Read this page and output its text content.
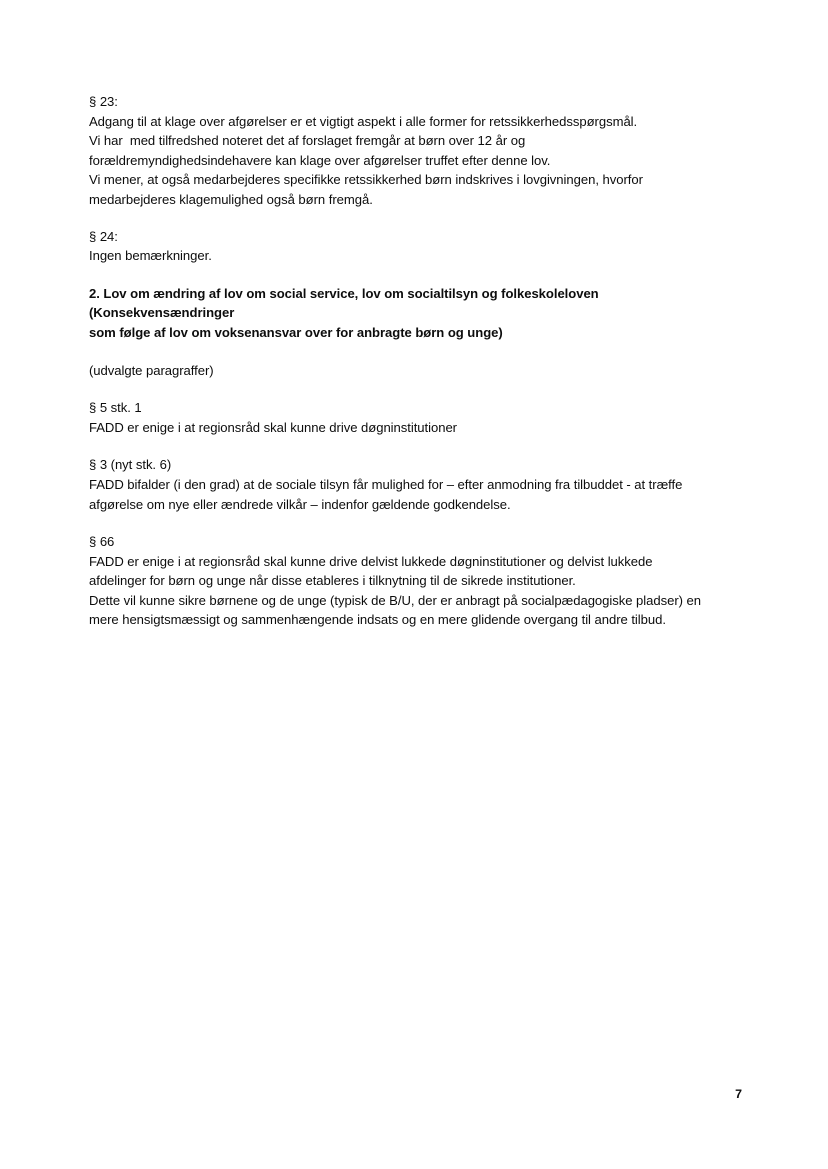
§ 23:
Adgang til at klage over afgørelser er et vigtigt aspekt i alle former for retssikkerhedsspørgsmål.
Vi har  med tilfredshed noteret det af forslaget fremgår at børn over 12 år og
forældremyndighedsindehavere kan klage over afgørelser truffet efter denne lov.
Vi mener, at også medarbejderes specifikke retssikkerhed børn indskrives i lovgivningen, hvorfor
medarbejderes klagemulighed også børn fremgå.
§ 24:
Ingen bemærkninger.
2. Lov om ændring af lov om social service, lov om socialtilsyn og folkeskoleloven (Konsekvensændringer
som følge af lov om voksenansvar over for anbragte børn og unge)
(udvalgte paragraffer)
§ 5 stk. 1
FADD er enige i at regionsråd skal kunne drive døgninstitutioner
§ 3 (nyt stk. 6)
FADD bifalder (i den grad) at de sociale tilsyn får mulighed for – efter anmodning fra tilbuddet - at træffe
afgørelse om nye eller ændrede vilkår – indenfor gældende godkendelse.
§ 66
FADD er enige i at regionsråd skal kunne drive delvist lukkede døgninstitutioner og delvist lukkede
afdelinger for børn og unge når disse etableres i tilknytning til de sikrede institutioner.
Dette vil kunne sikre børnene og de unge (typisk de B/U, der er anbragt på socialpædagogiske pladser) en
mere hensigtsmæssigt og sammenhængende indsats og en mere glidende overgang til andre tilbud.
7
